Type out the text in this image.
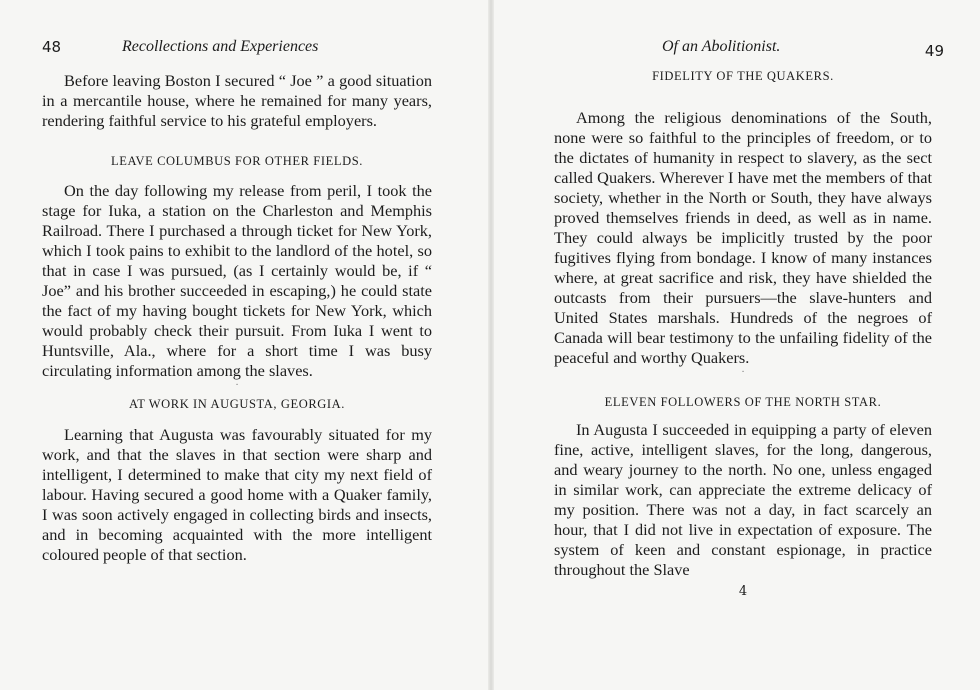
48	Recollections and Experiences

Before leaving Boston I secured “ Joe ” a good situation in a mercantile house, where he remained for many years, rendering faithful service to his grateful employers.

LEAVE COLUMBUS FOR OTHER FIELDS.

On the day following my release from peril, I took the stage for Iuka, a station on the Charleston and Memphis Railroad. There I purchased a through ticket for New York, which I took pains to exhibit to the landlord of the hotel, so that in case I was pursued, (as I certainly would be, if “ Joe” and his brother succeeded in escaping,) he could state the fact of my having bought tickets for New York, which would probably check their pursuit. From Iuka I went to Huntsville, Ala., where for a short time I was busy circulating information among the slaves.

·

AT WORK IN AUGUSTA, GEORGIA.

Learning that Augusta was favourably situated for my work, and that the slaves in that section were sharp and intelligent, I determined to make that city my next field of labour. Having secured a good home with a Quaker family, I was soon actively engaged in collecting birds and insects, and in becoming acquainted with the more intelligent coloured people of that section.

Of an Abolitionist.	49

FIDELITY OF THE QUAKERS.

Among the religious denominations of the South, none were so faithful to the principles of freedom, or to the dictates of humanity in respect to slavery, as the sect called Quakers. Wherever I have met the members of that society, whether in the North or South, they have always proved themselves friends in deed, as well as in name. They could always be implicitly trusted by the poor fugitives flying from bondage. I know of many instances where, at great sacrifice and risk, they have shielded the outcasts from their pursuers—the slave-hunters and United States marshals. Hundreds of the negroes of Canada will bear testimony to the unfailing fidelity of the peaceful and worthy Quakers.

·

ELEVEN FOLLOWERS OF THE NORTH STAR.

In Augusta I succeeded in equipping a party of eleven fine, active, intelligent slaves, for the long, dangerous, and weary journey to the north. No one, unless engaged in similar work, can appreciate the extreme delicacy of my position. There was not a day, in fact scarcely an hour, that I did not live in expectation of exposure. The system of keen and constant espionage, in practice throughout the Slave

4
